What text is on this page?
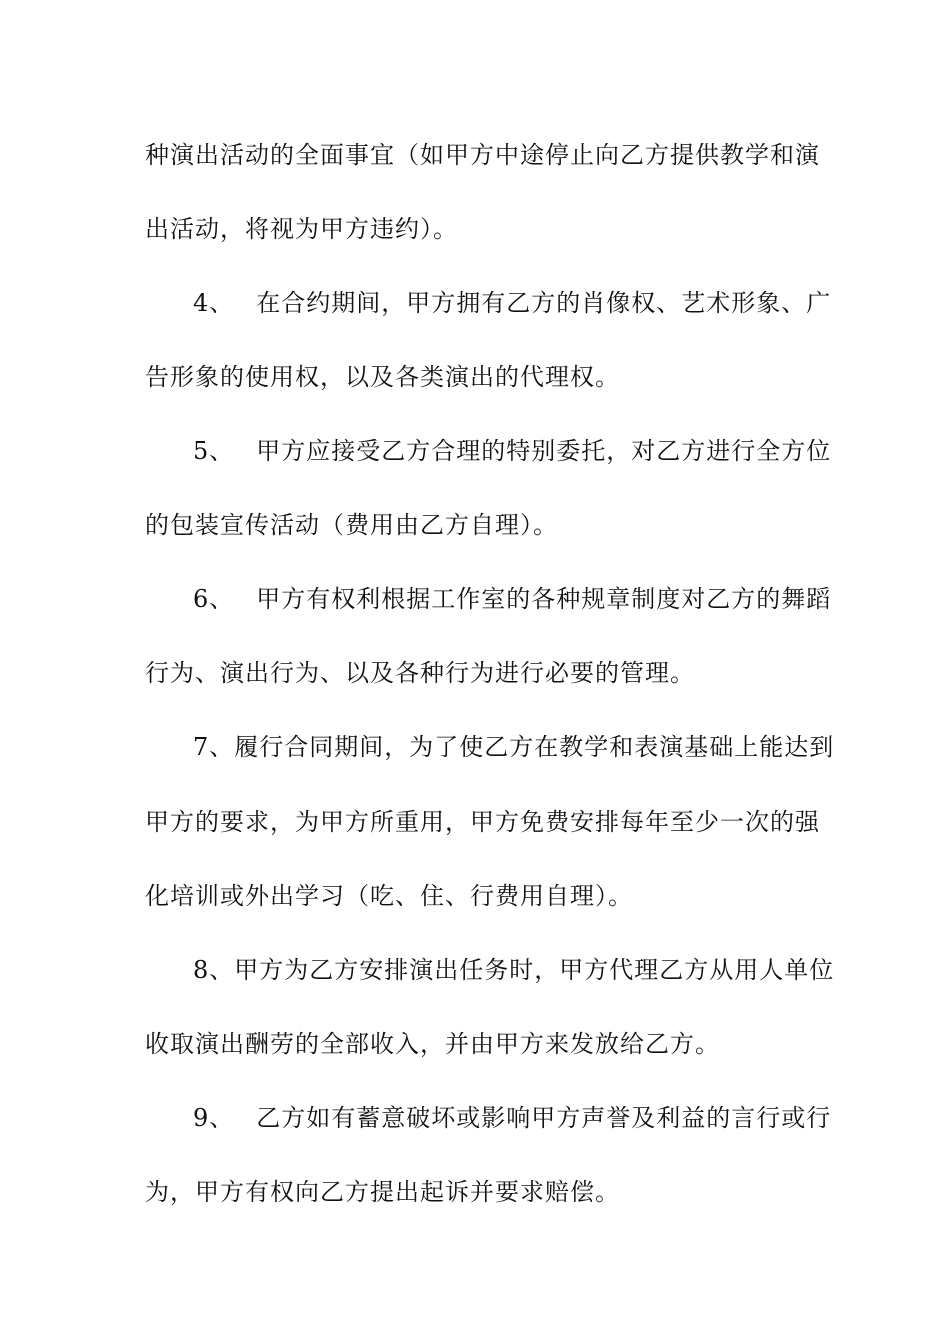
种演出活动的全面事宜（如甲方中途停止向乙方提供教学和演
出活动，将视为甲方违约）。
4、 在合约期间，甲方拥有乙方的肖像权、艺术形象、广
告形象的使用权，以及各类演出的代理权。
5、 甲方应接受乙方合理的特别委托，对乙方进行全方位
的包装宣传活动（费用由乙方自理）。
6、 甲方有权利根据工作室的各种规章制度对乙方的舞蹈
行为、演出行为、以及各种行为进行必要的管理。
7、履行合同期间，为了使乙方在教学和表演基础上能达到
甲方的要求，为甲方所重用，甲方免费安排每年至少一次的强
化培训或外出学习（吃、住、行费用自理）。
8、甲方为乙方安排演出任务时，甲方代理乙方从用人单位
收取演出酬劳的全部收入，并由甲方来发放给乙方。
9、 乙方如有蓄意破坏或影响甲方声誉及利益的言行或行
为，甲方有权向乙方提出起诉并要求赔偿。
